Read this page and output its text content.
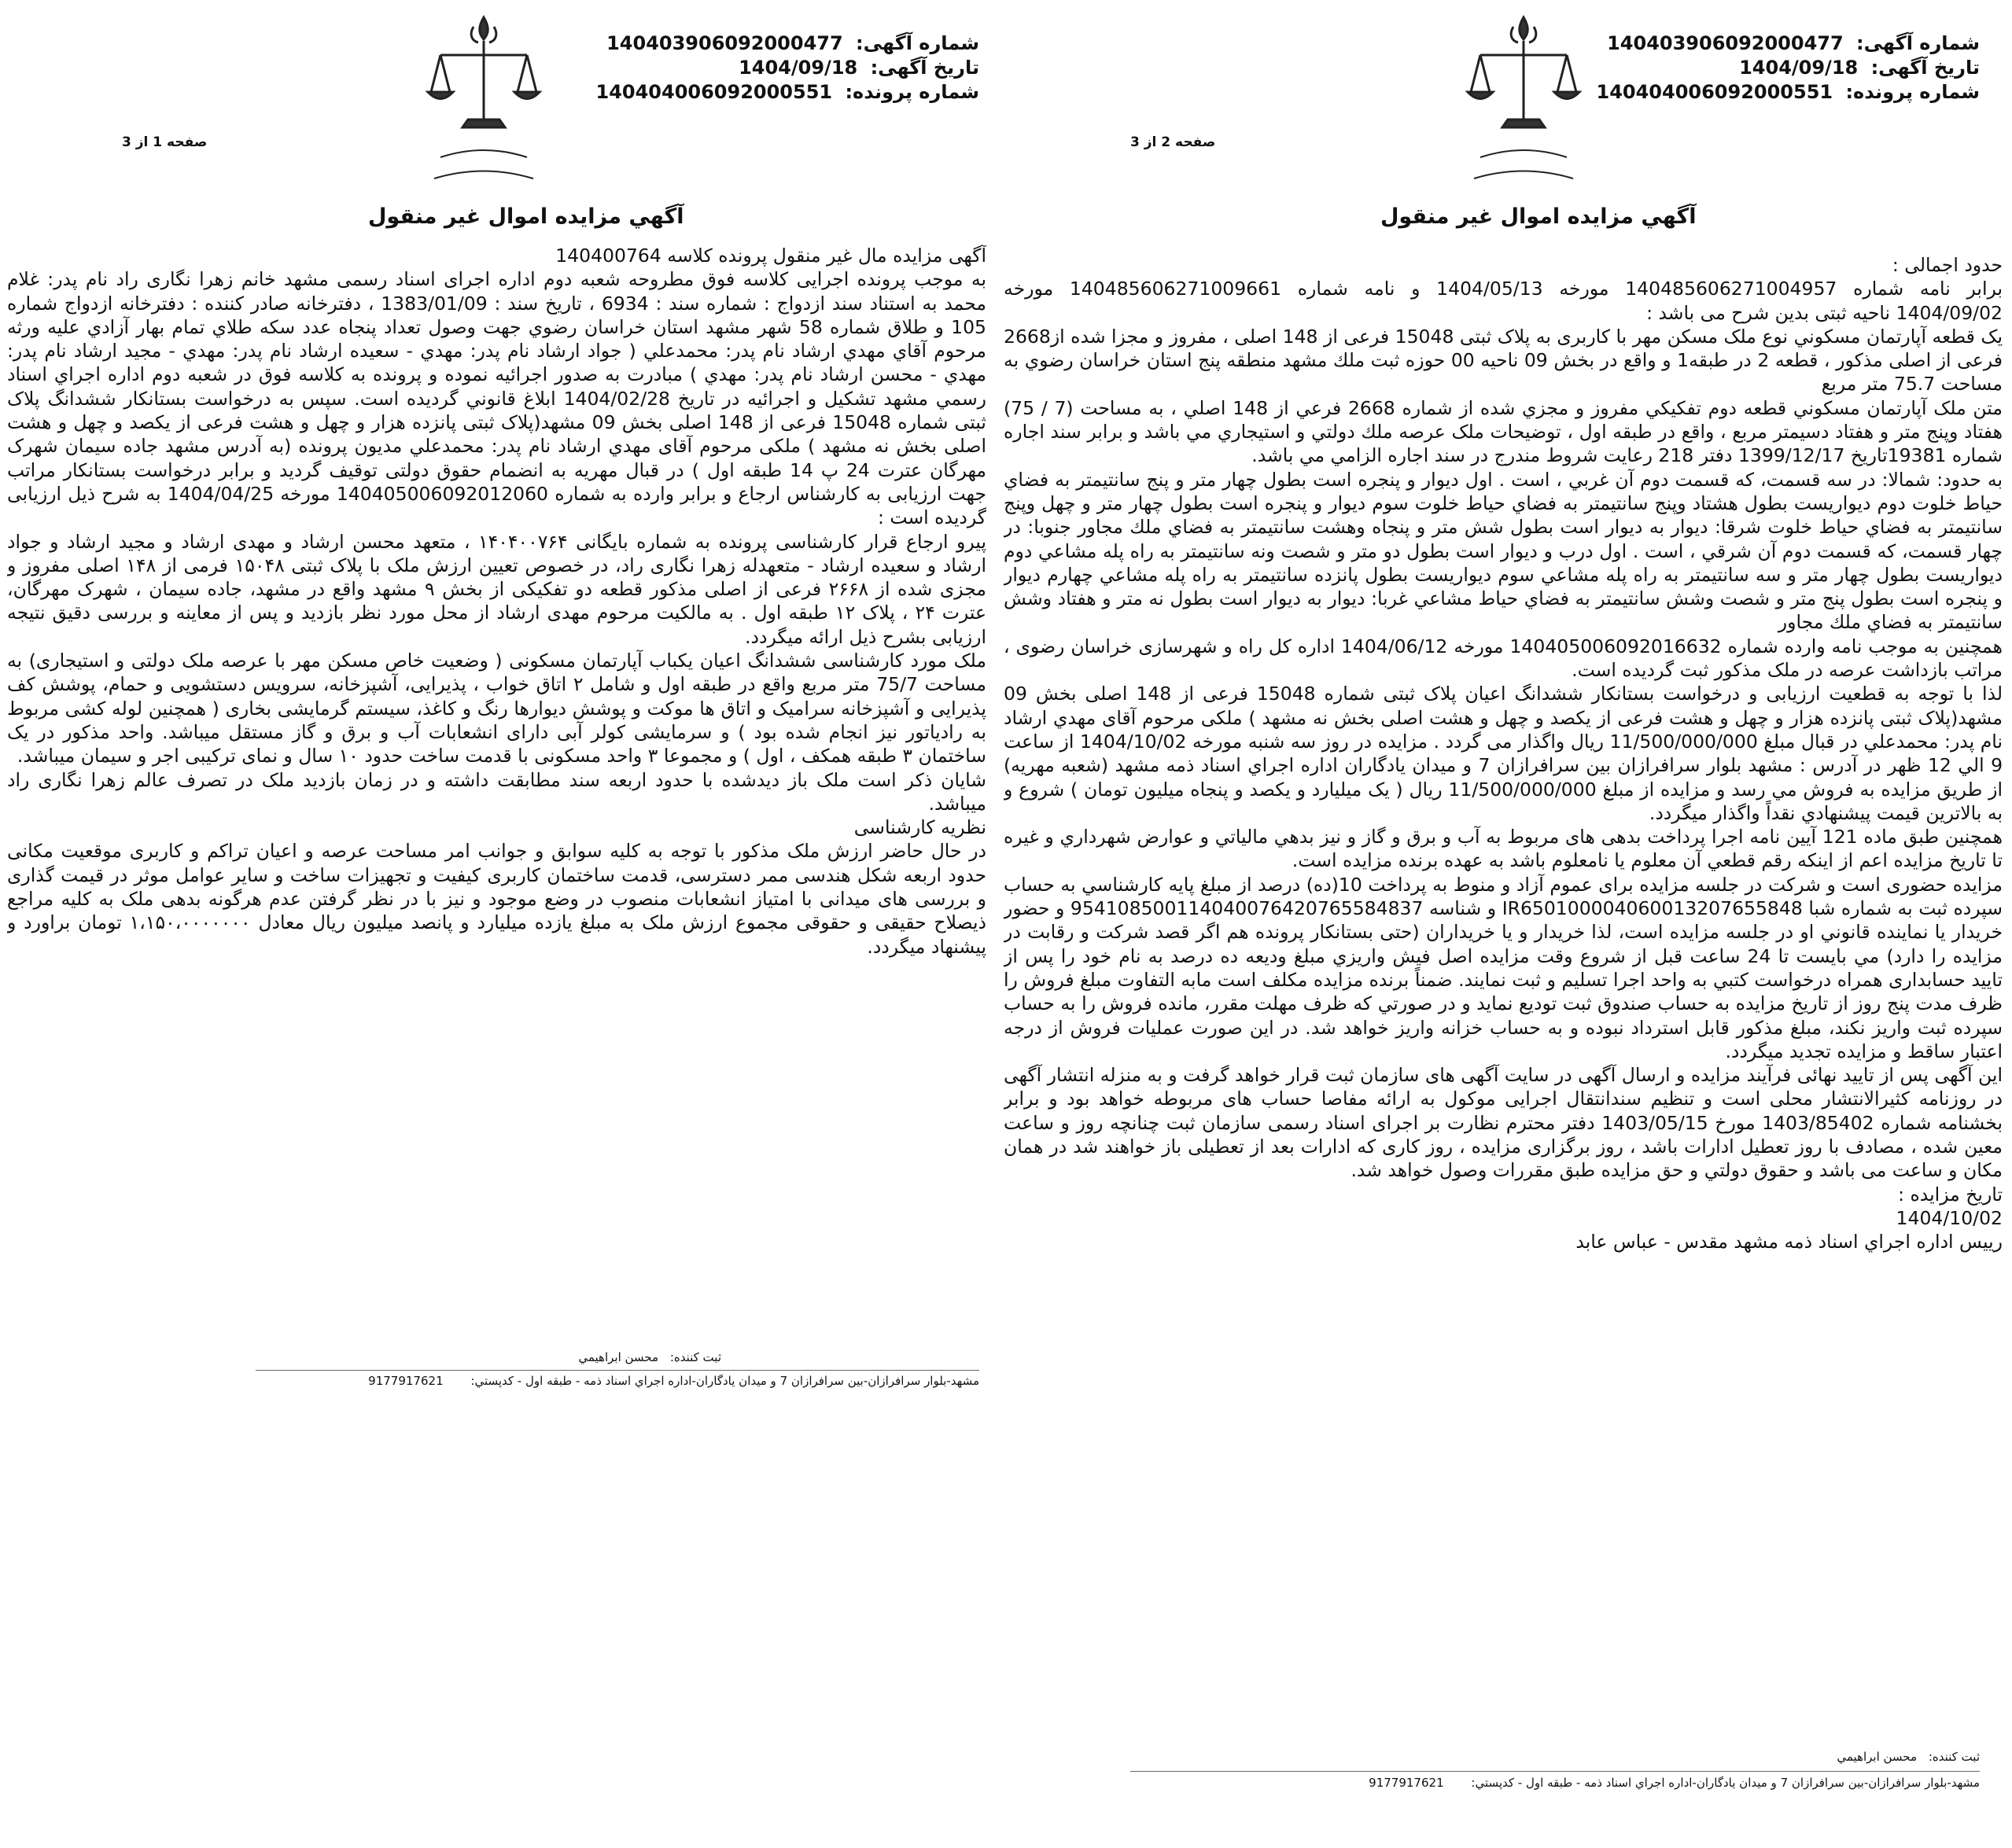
شماره آگهی: 140403906092000477
تاریخ آگهی: 1404/09/18
شماره پرونده: 140404006092000551
صفحه 1 از 3
آگهي مزايده اموال غير منقول
آگهی مزایده مال غیر منقول پرونده کلاسه 140400764
به موجب پرونده اجرایی کلاسه فوق مطروحه شعبه دوم اداره اجرای اسناد رسمی مشهد خانم زهرا نگاری راد نام پدر: غلام محمد به استناد سند ازدواج : شماره سند : 6934 ، تاریخ سند : 1383/01/09 ، دفترخانه صادر کننده : دفترخانه ازدواج شماره 105 و طلاق شماره 58 شهر مشهد استان خراسان رضوي جهت وصول تعداد پنجاه عدد سکه طلاي تمام بهار آزادي عليه ورثه مرحوم آقاي مهدي ارشاد نام پدر: محمدعلي ( جواد ارشاد نام پدر: مهدي - سعيده ارشاد نام پدر: مهدي - مجيد ارشاد نام پدر: مهدي - محسن ارشاد نام پدر: مهدي ) مبادرت به صدور اجرائيه نموده و پرونده به کلاسه فوق در شعبه دوم اداره اجراي اسناد رسمي مشهد تشکيل و اجرائيه در تاريخ 1404/02/28 ابلاغ قانوني گرديده است. سپس به درخواست بستانکار ششدانگ پلاک ثبتی شماره 15048 فرعی از 148 اصلی بخش 09 مشهد(پلاک ثبتی پانزده هزار و چهل و هشت فرعی از یکصد و چهل و هشت اصلی بخش نه مشهد ) ملکی مرحوم آقای مهدي ارشاد نام پدر: محمدعلي مدیون پرونده (به آدرس مشهد جاده سیمان شهرک مهرگان عترت 24 پ 14 طبقه اول ) در قبال مهریه به انضمام حقوق دولتی توقیف گردید و برابر درخواست بستانکار مراتب جهت ارزیابی به کارشناس ارجاع و برابر وارده به شماره 140405006092012060 مورخه 1404/04/25 به شرح ذیل ارزیابی گردیده است :
پیرو ارجاع قرار کارشناسی پرونده به شماره بایگانی ۱۴۰۴۰۰۷۶۴ ، متعهد محسن ارشاد و مهدی ارشاد و مجید ارشاد و جواد ارشاد و سعیده ارشاد - متعهدله زهرا نگاری راد، در خصوص تعیین ارزش ملک با پلاک ثبتی ۱۵۰۴۸ فرمی از ۱۴۸ اصلی مفروز و مجزی شده از ۲۶۶۸ فرعی از اصلی مذکور قطعه دو تفکیکی از بخش ۹ مشهد واقع در مشهد، جاده سیمان ، شهرک مهرگان، عترت ۲۴ ، پلاک ۱۲ طبقه اول . به مالکیت مرحوم مهدی ارشاد از محل مورد نظر بازدید و پس از معاینه و بررسی دقیق نتیجه ارزیابی بشرح ذیل ارائه میگردد.
ملک مورد کارشناسی ششدانگ اعیان یکباب آپارتمان مسکونی ( وضعیت خاص مسکن مهر با عرصه ملک دولتی و استیجاری) به مساحت 75/7 متر مربع واقع در طبقه اول و شامل ۲ اتاق خواب ، پذیرایی، آشپزخانه، سرویس دستشویی و حمام، پوشش کف پذیرایی و آشپزخانه سرامیک و اتاق ها موکت و پوشش دیوارها رنگ و کاغذ، سیستم گرمایشی بخاری ( همچنین لوله کشی مربوط به رادیاتور نیز انجام شده بود ) و سرمایشی کولر آبی دارای انشعابات آب و برق و گاز مستقل میباشد. واحد مذکور در یک ساختمان ۳ طبقه همکف ، اول ) و مجموعا ۳ واحد مسکونی با قدمت ساخت حدود ۱۰ سال و نمای ترکیبی اجر و سیمان میباشد.
شایان ذکر است ملک باز دیدشده با حدود اربعه سند مطابقت داشته و در زمان بازدید ملک در تصرف عالم زهرا نگاری راد میباشد.
نظریه کارشناسی
در حال حاضر ارزش ملک مذکور با توجه به کلیه سوابق و جوانب امر مساحت عرصه و اعیان تراکم و کاربری موقعیت مکانی حدود اربعه شکل هندسی ممر دسترسی، قدمت ساختمان کاربری کیفیت و تجهیزات ساخت و سایر عوامل موثر در قیمت گذاری و بررسی های میدانی با امتیاز انشعابات منصوب در وضع موجود و نیز با در نظر گرفتن عدم هرگونه بدهی ملک به کلیه مراجع ذیصلاح حقیقی و حقوقی مجموع ارزش ملک به مبلغ یازده میلیارد و پانصد میلیون ریال معادل ۱،۱۵۰،۰۰۰۰۰۰۰ تومان براورد و پیشنهاد میگردد.
ثبت کننده: محسن ابراهيمي
مشهد-بلوار سرافرازان-بين سرافرازان 7 و ميدان يادگاران-اداره اجراي اسناد ذمه - طبقه اول - كدپستي: 9177917621
شماره آگهی: 140403906092000477
تاریخ آگهی: 1404/09/18
شماره پرونده: 140404006092000551
صفحه 2 از 3
آگهي مزايده اموال غير منقول
حدود اجمالی :
برابر نامه شماره 140485606271004957 مورخه 1404/05/13 و نامه شماره 140485606271009661 مورخه 1404/09/02 ناحیه ثبتی بدین شرح می باشد :
یک قطعه آپارتمان مسکوني نوع ملک مسکن مهر با کاربری به پلاک ثبتی 15048 فرعی از 148 اصلی ، مفروز و مجزا شده از2668 فرعی از اصلی مذکور ، قطعه 2 در طبقه1 و واقع در بخش 09 ناحیه 00 حوزه ثبت ملك مشهد منطقه پنج استان خراسان رضوي به مساحت 75.7 متر مربع
متن ملک آپارتمان مسكوني قطعه دوم تفكيكي مفروز و مجزي شده از شماره 2668 فرعي از 148 اصلي ، به مساحت (7 / 75) هفتاد وپنج متر و هفتاد دسيمتر مربع ، واقع در طبقه اول ، توضيحات ملک عرصه ملك دولتي و استيجاري مي باشد و برابر سند اجاره شماره 19381تاريخ 1399/12/17 دفتر 218 رعايت شروط مندرج در سند اجاره الزامي مي باشد.
به حدود: شمالا: در سه قسمت، كه قسمت دوم آن غربي ، است . اول ديوار و پنجره است بطول چهار متر و پنج سانتيمتر به فضاي حياط خلوت دوم ديواريست بطول هشتاد وپنج سانتيمتر به فضاي حياط خلوت سوم ديوار و پنجره است بطول چهار متر و چهل وپنج سانتيمتر به فضاي حياط خلوت شرقا: ديوار به ديوار است بطول شش متر و پنجاه وهشت سانتيمتر به فضاي ملك مجاور جنوبا: در چهار قسمت، كه قسمت دوم آن شرقي ، است . اول درب و ديوار است بطول دو متر و شصت ونه سانتيمتر به راه پله مشاعي دوم ديواريست بطول چهار متر و سه سانتيمتر به راه پله مشاعي سوم ديواريست بطول پانزده سانتيمتر به راه پله مشاعي چهارم ديوار و پنجره است بطول پنج متر و شصت وشش سانتيمتر به فضاي حياط مشاعي غربا: ديوار به ديوار است بطول نه متر و هفتاد وشش سانتيمتر به فضاي ملك مجاور
همچنین به موجب نامه وارده شماره 140405006092016632 مورخه 1404/06/12 اداره کل راه و شهرسازی خراسان رضوی ، مراتب بازداشت عرصه در ملک مذکور ثبت گردیده است.
لذا با توجه به قطعیت ارزیابی و درخواست بستانکار ششدانگ اعیان پلاک ثبتی شماره 15048 فرعی از 148 اصلی بخش 09 مشهد(پلاک ثبتی پانزده هزار و چهل و هشت فرعی از یکصد و چهل و هشت اصلی بخش نه مشهد ) ملکی مرحوم آقای مهدي ارشاد نام پدر: محمدعلي در قبال مبلغ 11/500/000/000 ریال واگذار می گردد . مزایده در روز سه شنبه مورخه 1404/10/02 از ساعت 9 الي 12 ظهر در آدرس : مشهد بلوار سرافرازان بین سرافرازان 7 و میدان یادگاران اداره اجراي اسناد ذمه مشهد (شعبه مهریه) از طريق مزايده به فروش مي رسد و مزايده از مبلغ 11/500/000/000 ريال ( یک میلیارد و یکصد و پنجاه میلیون تومان ) شروع و به بالاترين قيمت پيشنهادي نقداً واگذار ميگردد.
همچنین طبق ماده 121 آیین نامه اجرا پرداخت بدهی های مربوط به آب و برق و گاز و نيز بدهي مالياتي و عوارض شهرداري و غيره تا تاريخ مزايده اعم از اينكه رقم قطعي آن معلوم يا نامعلوم باشد به عهده برنده مزايده است.
مزايده حضوری است و شرکت در جلسه مزایده برای عموم آزاد و منوط به پرداخت 10(ده) درصد از مبلغ پایه کارشناسي به حساب سپرده ثبت به شماره شبا IR650100004060013207655848 و شناسه 954108500114040076420765584837 و حضور خريدار يا نماينده قانوني او در جلسه مزايده است، لذا خریدار و یا خریداران (حتی بستانکار پرونده هم اگر قصد شرکت و رقابت در مزایده را دارد) مي بایست تا 24 ساعت قبل از شروع وقت مزایده اصل فیش واریزي مبلغ ودیعه ده درصد به نام خود را پس از تایید حسابداری همراه درخواست کتبي به واحد اجرا تسلیم و ثبت نمایند. ضمناً برنده مزايده مكلف است مابه التفاوت مبلغ فروش را ظرف مدت پنج روز از تاريخ مزايده به حساب صندوق ثبت توديع نمايد و در صورتي كه ظرف مهلت مقرر، مانده فروش را به حساب سپرده ثبت واريز نكند، مبلغ مذكور قابل استرداد نبوده و به حساب خزانه واريز خواهد شد. در اين صورت عمليات فروش از درجه اعتبار ساقط و مزايده تجديد ميگردد.
اين آگهی پس از تاييد نهائی فرآيند مزايده و ارسال آگهی در سايت آگهی های سازمان ثبت قرار خواهد گرفت و به منزله انتشار آگهی در روزنامه کثيرالانتشار محلی است و تنظيم سندانتقال اجرايی موکول به ارائه مفاصا حساب های مربوطه خواهد بود و برابر بخشنامه شماره 1403/85402 مورخ 1403/05/15 دفتر محترم نظارت بر اجرای اسناد رسمی سازمان ثبت چنانچه روز و ساعت معین شده ، مصادف با روز تعطیل ادارات باشد ، روز برگزاری مزایده ، روز کاری که ادارات بعد از تعطیلی باز خواهند شد در همان مکان و ساعت می باشد و حقوق دولتي و حق مزايده طبق مقررات وصول خواهد شد.
تاريخ مزايده :
1404/10/02
رييس اداره اجراي اسناد ذمه مشهد مقدس - عباس عابد
ثبت کننده: محسن ابراهيمي
مشهد-بلوار سرافرازان-بين سرافرازان 7 و ميدان يادگاران-اداره اجراي اسناد ذمه - طبقه اول - كدپستي: 9177917621
